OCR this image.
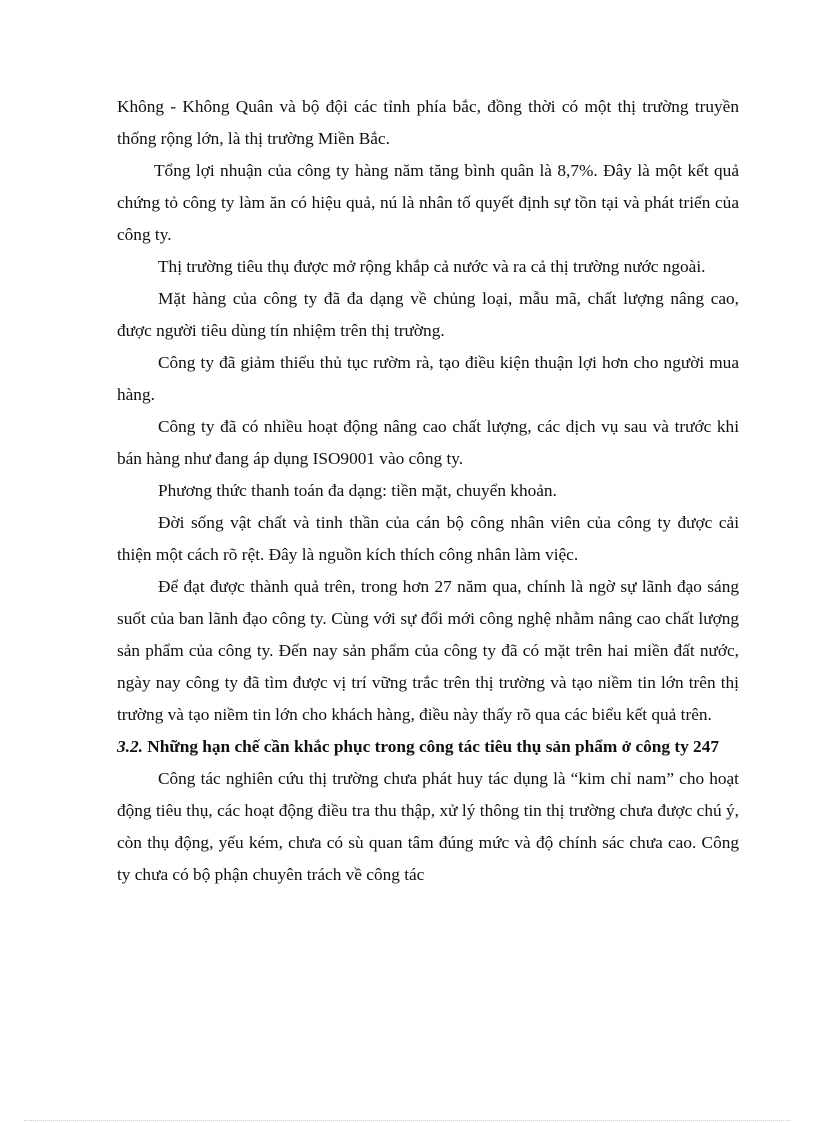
Không - Không Quân và bộ đội các tỉnh phía bắc, đồng thời có một thị trường truyền thống rộng lớn, là thị trường Miền Bắc.

Tổng lợi nhuận của công ty hàng năm tăng bình quân là 8,7%. Đây là một kết quả chứng tỏ công ty làm ăn có hiệu quả, nú là nhân tố quyết định sự tồn tại và phát triển của công ty.

Thị trường tiêu thụ được mở rộng khắp cả nước và ra cả thị trường nước ngoài.

Mặt hàng của công ty đã đa dạng về chủng loại, mẫu mã, chất lượng nâng cao, được người tiêu dùng tín nhiệm trên thị trường.

Công ty đã giảm thiểu thủ tục rườm rà, tạo điều kiện thuận lợi hơn cho người mua hàng.

Công ty đã có nhiều hoạt động nâng cao chất lượng, các dịch vụ sau và trước khi bán hàng như đang áp dụng ISO9001 vào công ty.

Phương thức thanh toán đa dạng: tiền mặt, chuyển khoản.

Đời sống vật chất và tinh thần của cán bộ công nhân viên của công ty được cải thiện một cách rõ rệt. Đây là nguồn kích thích công nhân làm việc.

Để đạt được thành quả trên, trong hơn 27 năm qua, chính là ngờ sự lãnh đạo sáng suốt của ban lãnh đạo công ty. Cùng với sự đổi mới công nghệ nhằm nâng cao chất lượng sản phẩm của công ty. Đến nay sản phẩm của công ty đã có mặt trên hai miền đất nước, ngày nay công ty đã tìm được vị trí vững trắc trên thị trường và tạo niềm tin lớn trên thị trường và tạo niềm tin lớn cho khách hàng, điều này thấy rõ qua các biểu kết quả trên.

3.2. Những hạn chế cần khắc phục trong công tác tiêu thụ sản phẩm ở công ty 247

Công tác nghiên cứu thị trường chưa phát huy tác dụng là “kim chỉ nam” cho hoạt động tiêu thụ, các hoạt động điều tra thu thập, xử lý thông tin thị trường chưa được chú ý, còn thụ động, yếu kém, chưa có sù quan tâm đúng mức và độ chính sác chưa cao. Công ty chưa có bộ phận chuyên trách về công tác
